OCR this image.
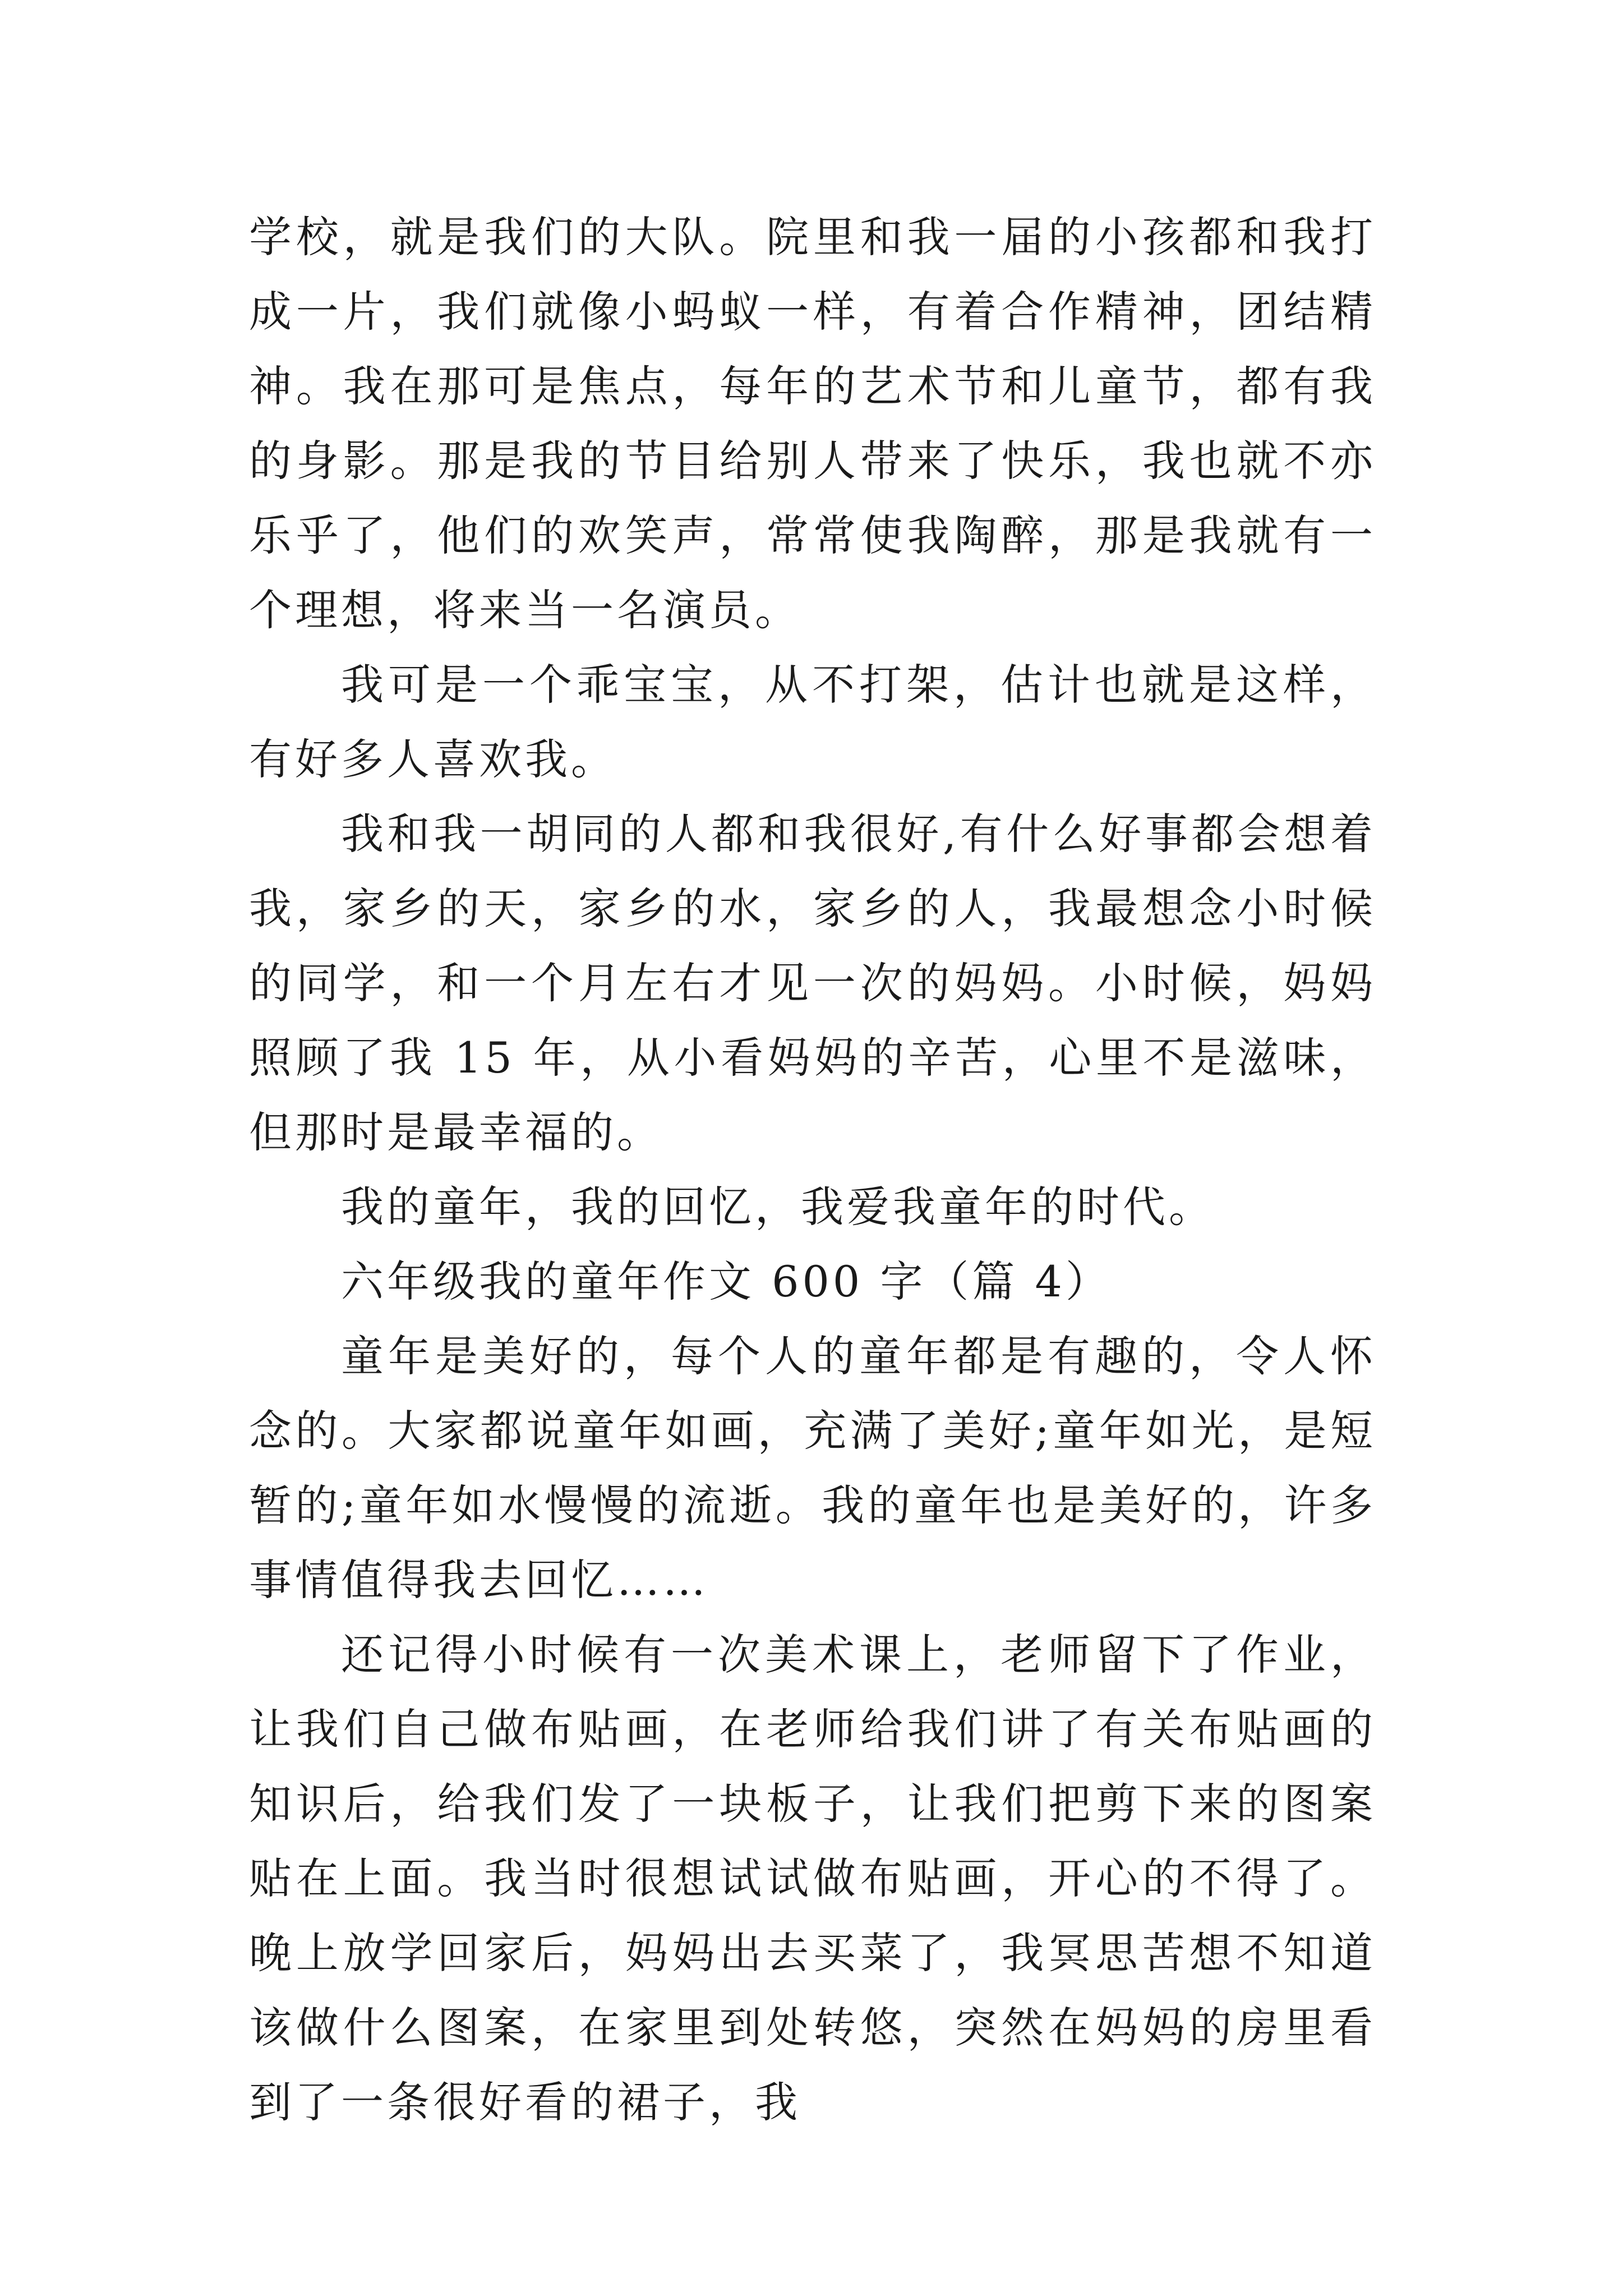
学校，就是我们的大队。院里和我一届的小孩都和我打成一片，我们就像小蚂蚁一样，有着合作精神，团结精神。我在那可是焦点，每年的艺术节和儿童节，都有我的身影。那是我的节目给别人带来了快乐，我也就不亦乐乎了，他们的欢笑声，常常使我陶醉，那是我就有一个理想，将来当一名演员。

我可是一个乖宝宝，从不打架，估计也就是这样，有好多人喜欢我。

我和我一胡同的人都和我很好,有什么好事都会想着我，家乡的天，家乡的水，家乡的人，我最想念小时候的同学，和一个月左右才见一次的妈妈。小时候，妈妈照顾了我 15 年，从小看妈妈的辛苦，心里不是滋味，但那时是最幸福的。

我的童年，我的回忆，我爱我童年的时代。

六年级我的童年作文 600 字（篇 4）

童年是美好的，每个人的童年都是有趣的，令人怀念的。大家都说童年如画，充满了美好;童年如光，是短暂的;童年如水慢慢的流逝。我的童年也是美好的，许多事情值得我去回忆……

还记得小时候有一次美术课上，老师留下了作业，让我们自己做布贴画，在老师给我们讲了有关布贴画的知识后，给我们发了一块板子，让我们把剪下来的图案贴在上面。我当时很想试试做布贴画，开心的不得了。晚上放学回家后，妈妈出去买菜了，我冥思苦想不知道该做什么图案，在家里到处转悠，突然在妈妈的房里看到了一条很好看的裙子，我
